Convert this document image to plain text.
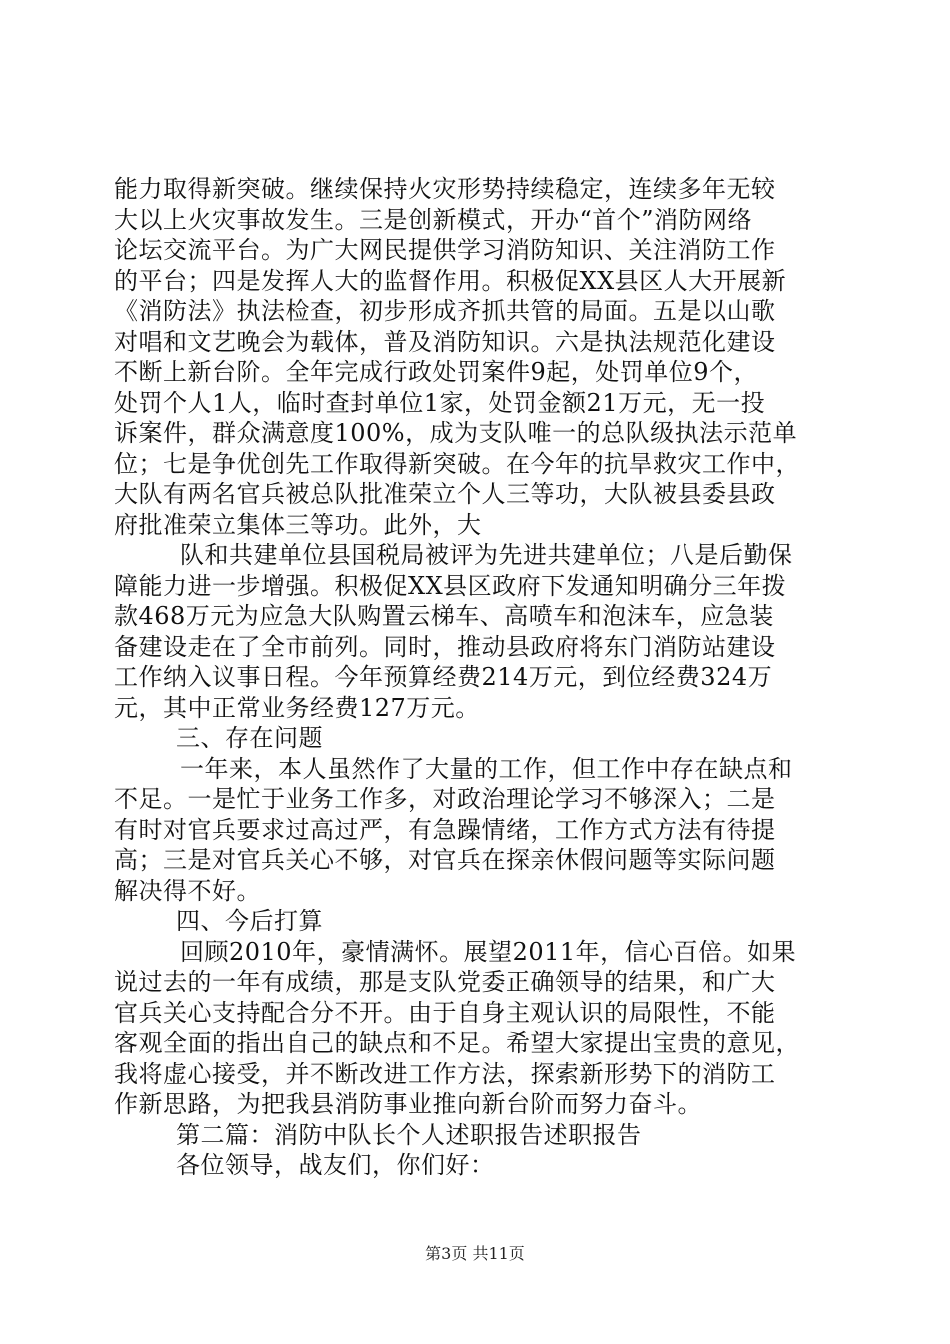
能力取得新突破。继续保持火灾形势持续稳定，连续多年无较
大以上火灾事故发生。三是创新模式，开办“首个”消防网络
论坛交流平台。为广大网民提供学习消防知识、关注消防工作
的平台；四是发挥人大的监督作用。积极促XX县区人大开展新
《消防法》执法检查，初步形成齐抓共管的局面。五是以山歌
对唱和文艺晚会为载体，普及消防知识。六是执法规范化建设
不断上新台阶。全年完成行政处罚案件9起，处罚单位9个，
处罚个人1人，临时查封单位1家，处罚金额21万元，无一投
诉案件，群众满意度100%，成为支队唯一的总队级执法示范单
位；七是争优创先工作取得新突破。在今年的抗旱救灾工作中，
大队有两名官兵被总队批准荣立个人三等功，大队被县委县政
府批准荣立集体三等功。此外，大
队和共建单位县国税局被评为先进共建单位；八是后勤保
障能力进一步增强。积极促XX县区政府下发通知明确分三年拨
款468万元为应急大队购置云梯车、高喷车和泡沫车，应急装
备建设走在了全市前列。同时，推动县政府将东门消防站建设
工作纳入议事日程。今年预算经费214万元，到位经费324万
元，其中正常业务经费127万元。
三、存在问题
一年来，本人虽然作了大量的工作，但工作中存在缺点和
不足。一是忙于业务工作多，对政治理论学习不够深入；二是
有时对官兵要求过高过严，有急躁情绪，工作方式方法有待提
高；三是对官兵关心不够，对官兵在探亲休假问题等实际问题
解决得不好。
四、今后打算
回顾2010年，豪情满怀。展望2011年，信心百倍。如果
说过去的一年有成绩，那是支队党委正确领导的结果，和广大
官兵关心支持配合分不开。由于自身主观认识的局限性，不能
客观全面的指出自己的缺点和不足。希望大家提出宝贵的意见，
我将虚心接受，并不断改进工作方法，探索新形势下的消防工
作新思路，为把我县消防事业推向新台阶而努力奋斗。
第二篇：消防中队长个人述职报告述职报告
各位领导，战友们，你们好：
第3页 共11页
